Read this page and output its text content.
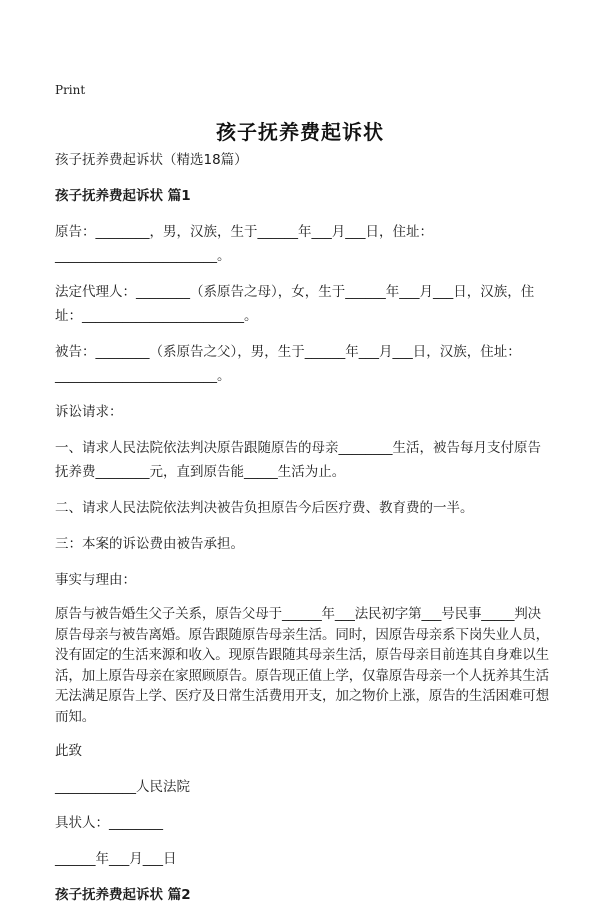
Print
孩子抚养费起诉状

孩子抚养费起诉状（精选18篇）

孩子抚养费起诉状 篇1

原告：________，男，汉族，生于______年___月___日，住址：________________________。

法定代理人：________（系原告之母），女，生于______年___月___日，汉族，住址：________________________。

被告：________（系原告之父），男，生于______年___月___日，汉族，住址：________________________。

诉讼请求：

一、请求人民法院依法判决原告跟随原告的母亲________生活，被告每月支付原告抚养费________元，直到原告能_____生活为止。

二、请求人民法院依法判决被告负担原告今后医疗费、教育费的一半。

三：本案的诉讼费由被告承担。

事实与理由：

原告与被告婚生父子关系，原告父母于______年___法民初字第___号民事_____判决原告母亲与被告离婚。原告跟随原告母亲生活。同时，因原告母亲系下岗失业人员，没有固定的生活来源和收入。现原告跟随其母亲生活，原告母亲目前连其自身难以生活，加上原告母亲在家照顾原告。原告现正值上学，仅靠原告母亲一个人抚养其生活无法满足原告上学、医疗及日常生活费用开支，加之物价上涨，原告的生活困难可想而知。

此致

____________人民法院

具状人：________

______年___月___日

孩子抚养费起诉状 篇2
